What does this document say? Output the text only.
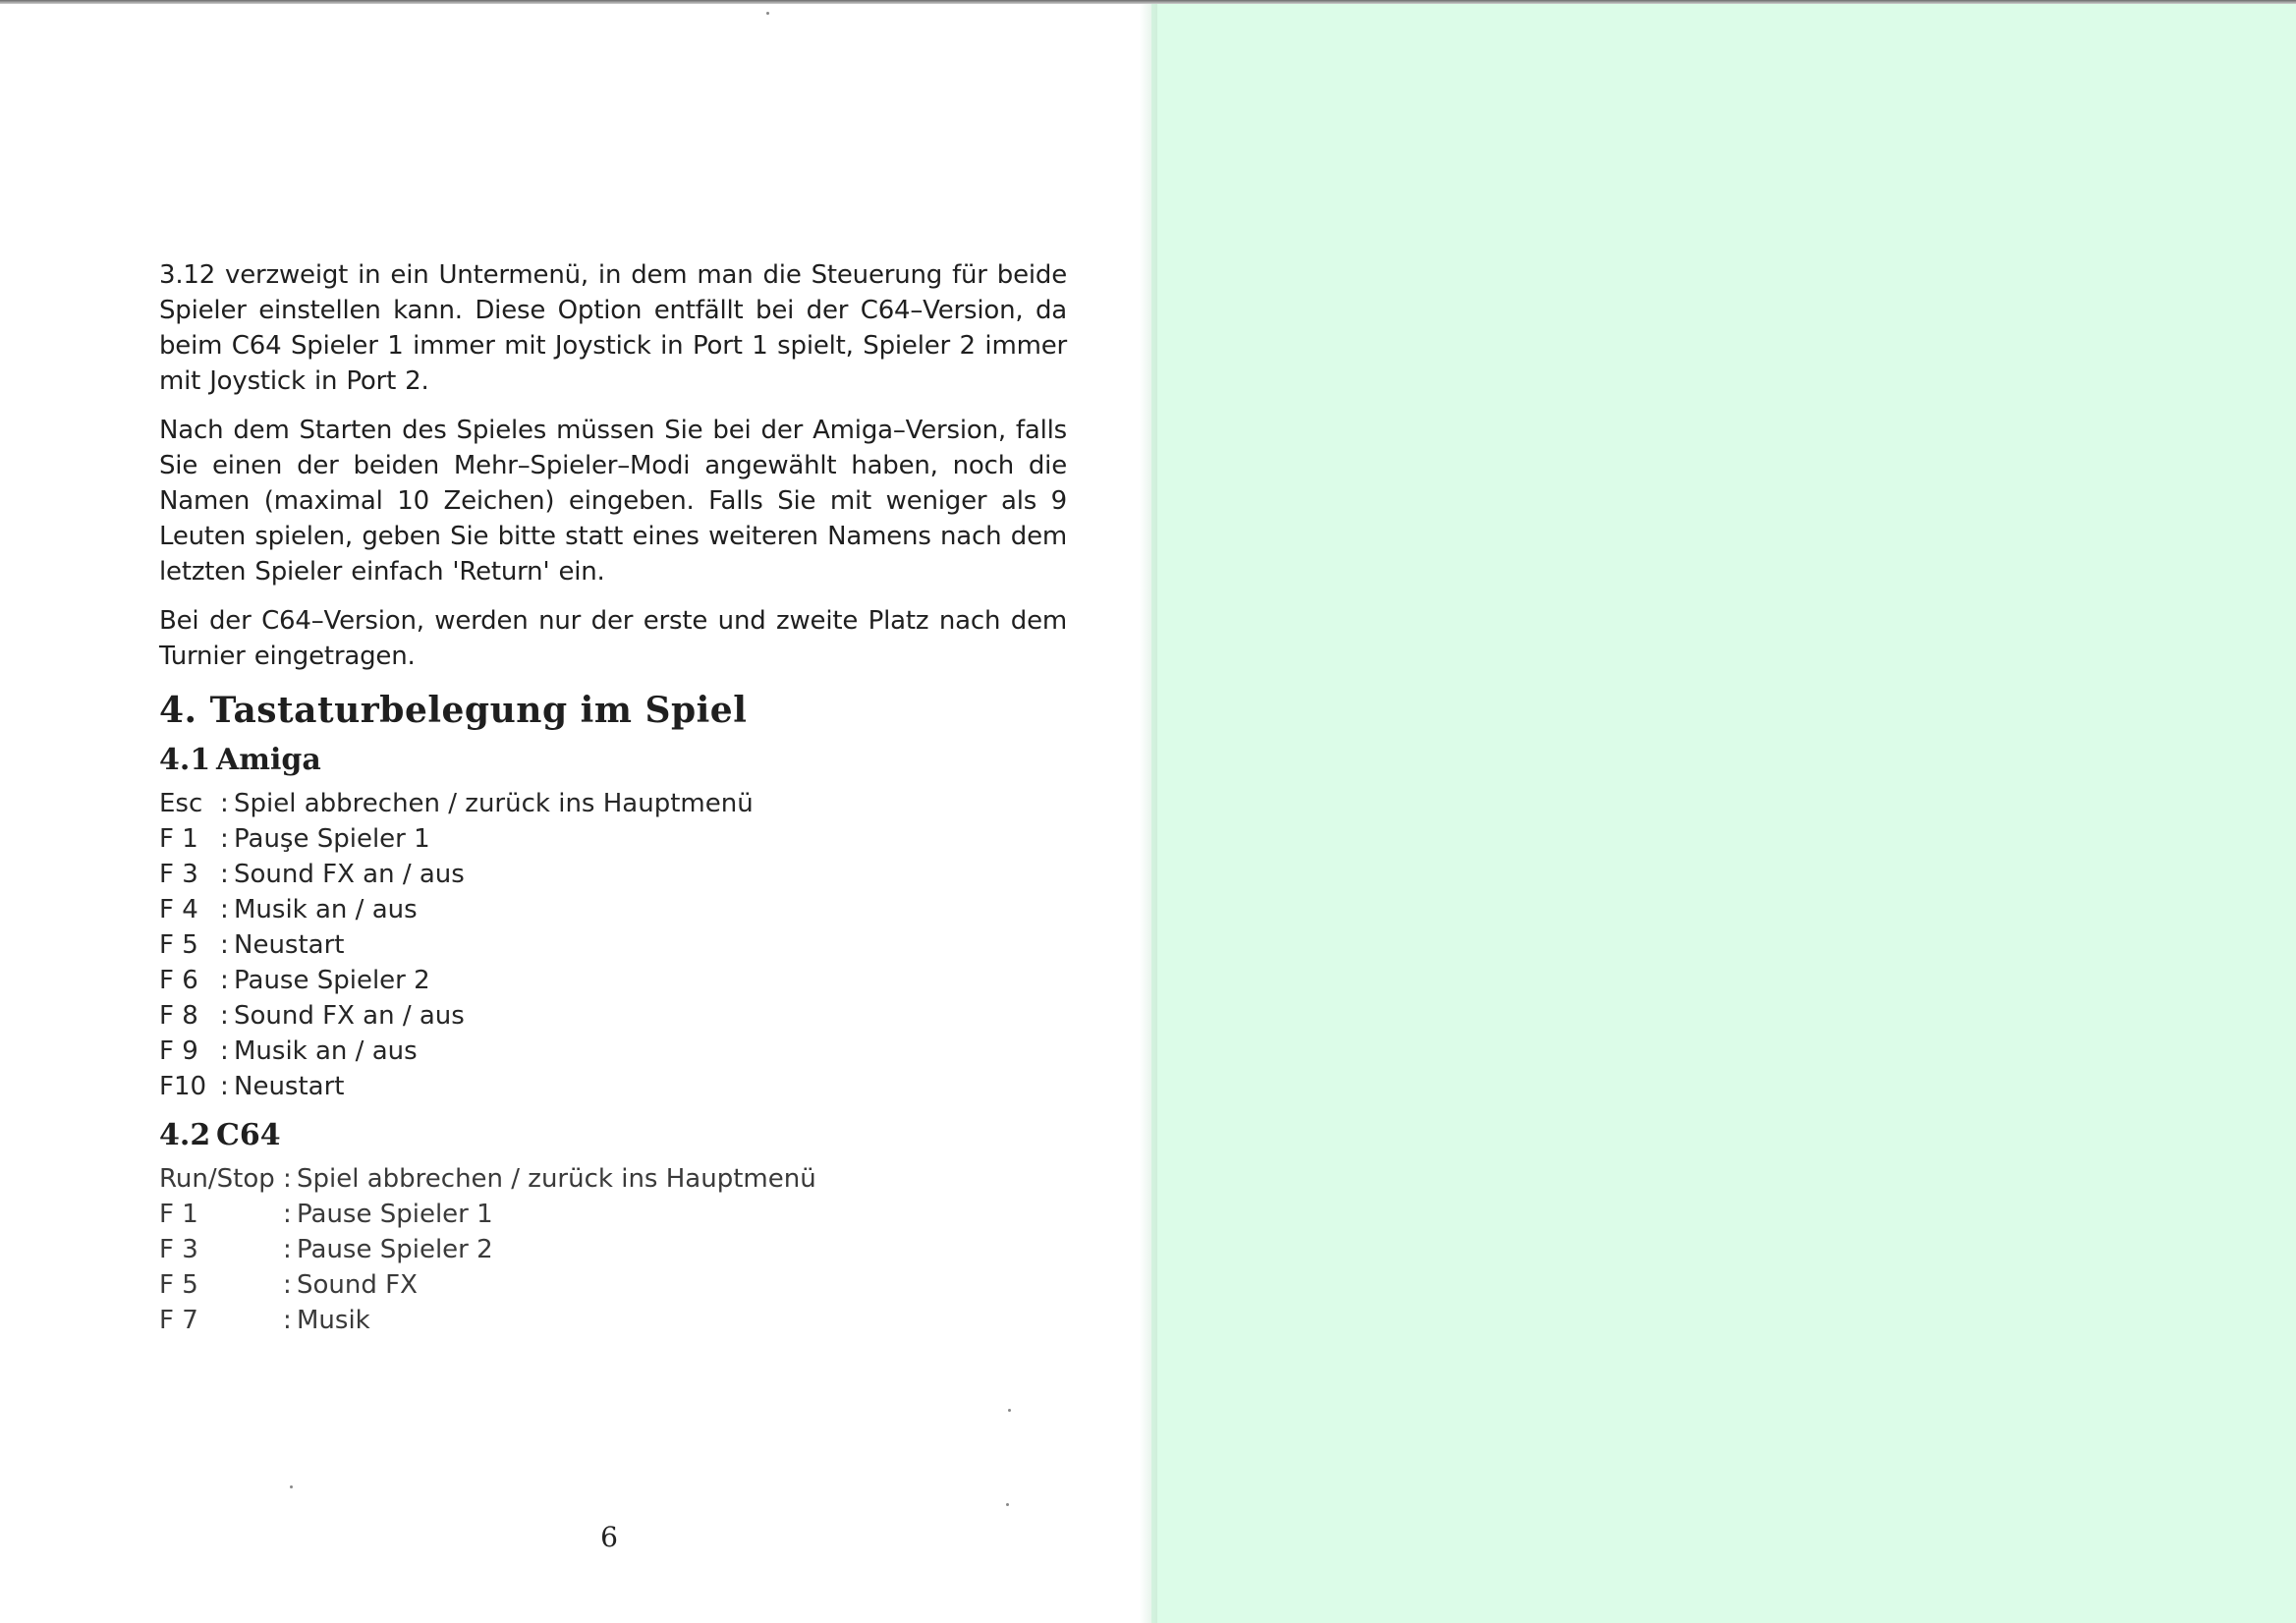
3.12 verzweigt in ein Untermenü, in dem man die Steuerung für beide Spieler einstellen kann. Diese Option entfällt bei der C64–Version, da beim C64 Spieler 1 immer mit Joystick in Port 1 spielt, Spieler 2 immer mit Joystick in Port 2.

Nach dem Starten des Spieles müssen Sie bei der Amiga–Version, falls Sie einen der beiden Mehr–Spieler–Modi angewählt haben, noch die Namen (maximal 10 Zeichen) eingeben. Falls Sie mit weniger als 9 Leuten spielen, geben Sie bitte statt eines weiteren Namens nach dem letzten Spieler einfach 'Return' ein.

Bei der C64–Version, werden nur der erste und zweite Platz nach dem Turnier eingetragen.

4. Tastaturbelegung im Spiel
4.1 Amiga
Esc : Spiel abbrechen / zurück ins Hauptmenü
F 1 : Pauşe Spieler 1
F 3 : Sound FX an / aus
F 4 : Musik an / aus
F 5 : Neustart
F 6 : Pause Spieler 2
F 8 : Sound FX an / aus
F 9 : Musik an / aus
F10 : Neustart
4.2 C64
Run/Stop : Spiel abbrechen / zurück ins Hauptmenü
F 1	: Pause Spieler 1
F 3	: Pause Spieler 2
F 5	: Sound FX
F 7	: Musik
6
